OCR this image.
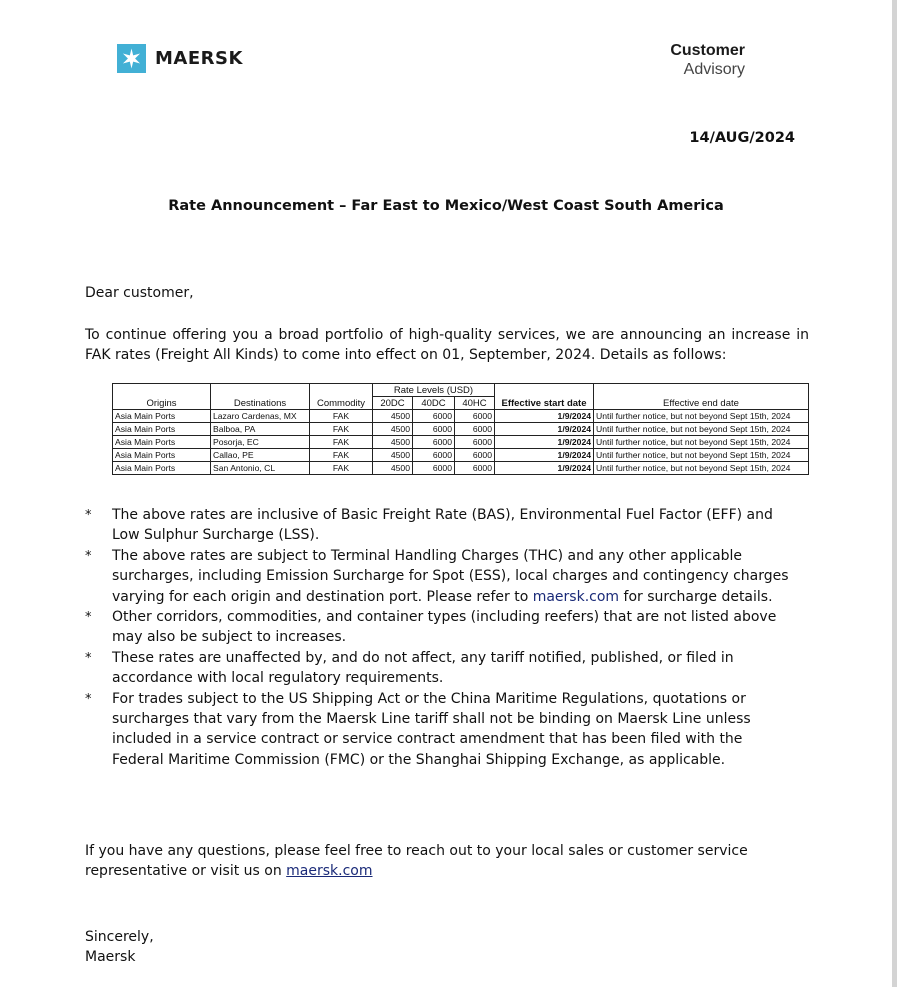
MAERSK	Customer
Advisory
14/AUG/2024
Rate Announcement – Far East to Mexico/West Coast South America
Dear customer,
To continue offering you a broad portfolio of high-quality services, we are announcing an increase in FAK rates (Freight All Kinds) to come into effect on 01, September, 2024. Details as follows:
Origins	Destinations	Commodity	Rate Levels (USD)			Effective start date	Effective end date
			20DC	40DC	40HC		
Asia Main Ports	Lazaro Cardenas, MX	FAK	4500	6000	6000	1/9/2024	Until further notice, but not beyond Sept 15th, 2024
Asia Main Ports	Balboa, PA	FAK	4500	6000	6000	1/9/2024	Until further notice, but not beyond Sept 15th, 2024
Asia Main Ports	Posorja, EC	FAK	4500	6000	6000	1/9/2024	Until further notice, but not beyond Sept 15th, 2024
Asia Main Ports	Callao, PE	FAK	4500	6000	6000	1/9/2024	Until further notice, but not beyond Sept 15th, 2024
Asia Main Ports	San Antonio, CL	FAK	4500	6000	6000	1/9/2024	Until further notice, but not beyond Sept 15th, 2024
*	The above rates are inclusive of Basic Freight Rate (BAS), Environmental Fuel Factor (EFF) and Low Sulphur Surcharge (LSS).
*	The above rates are subject to Terminal Handling Charges (THC) and any other applicable surcharges, including Emission Surcharge for Spot (ESS), local charges and contingency charges varying for each origin and destination port. Please refer to maersk.com for surcharge details.
*	Other corridors, commodities, and container types (including reefers) that are not listed above may also be subject to increases.
*	These rates are unaffected by, and do not affect, any tariff notified, published, or filed in accordance with local regulatory requirements.
*	For trades subject to the US Shipping Act or the China Maritime Regulations, quotations or surcharges that vary from the Maersk Line tariff shall not be binding on Maersk Line unless included in a service contract or service contract amendment that has been filed with the Federal Maritime Commission (FMC) or the Shanghai Shipping Exchange, as applicable.
If you have any questions, please feel free to reach out to your local sales or customer service representative or visit us on maersk.com
Sincerely,
Maersk
